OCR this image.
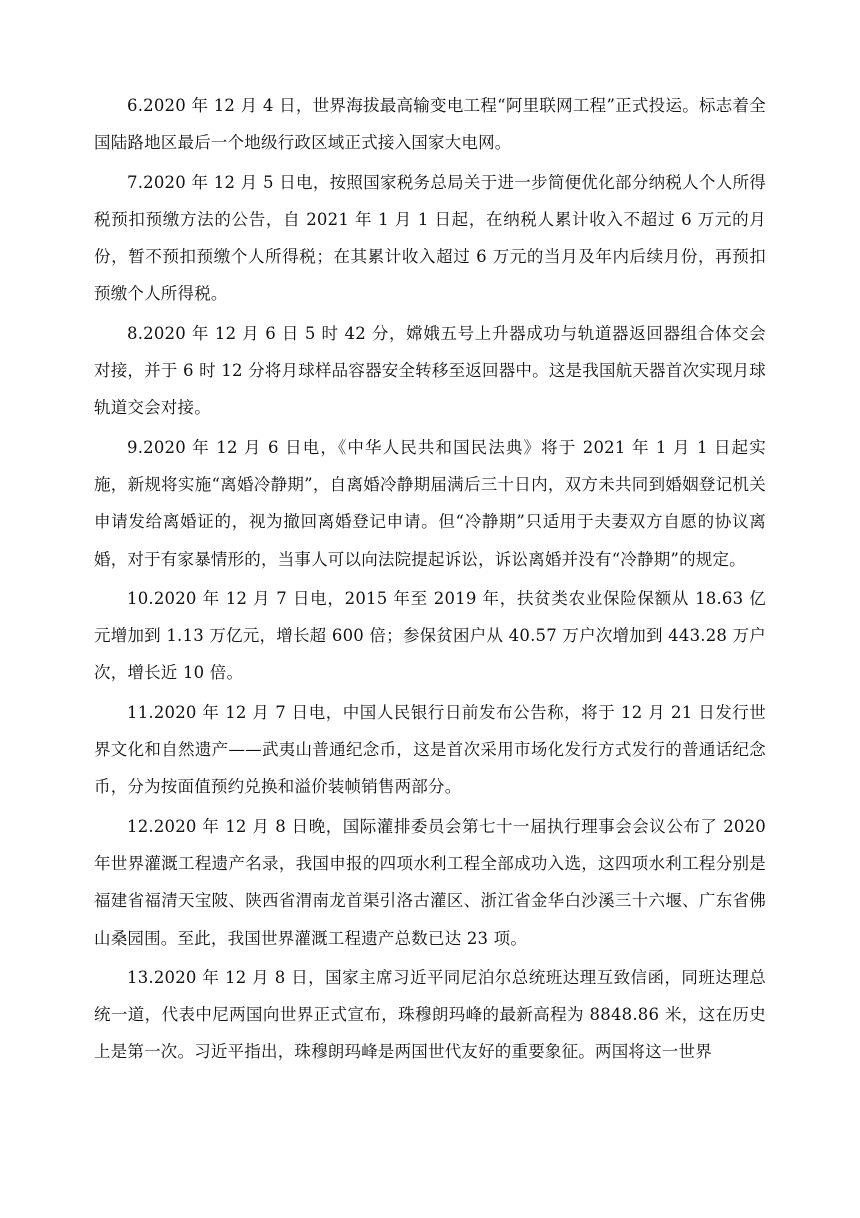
6.2020 年 12 月 4 日，世界海拔最高输变电工程“阿里联网工程”正式投运。标志着全国陆路地区最后一个地级行政区域正式接入国家大电网。

7.2020 年 12 月 5 日电，按照国家税务总局关于进一步简便优化部分纳税人个人所得税预扣预缴方法的公告，自 2021 年 1 月 1 日起，在纳税人累计收入不超过 6 万元的月份，暂不预扣预缴个人所得税；在其累计收入超过 6 万元的当月及年内后续月份，再预扣预缴个人所得税。

8.2020 年 12 月 6 日 5 时 42 分，嫦娥五号上升器成功与轨道器返回器组合体交会对接，并于 6 时 12 分将月球样品容器安全转移至返回器中。这是我国航天器首次实现月球轨道交会对接。

9.2020 年 12 月 6 日电，《中华人民共和国民法典》将于 2021 年 1 月 1 日起实施，新规将实施“离婚冷静期”，自离婚冷静期届满后三十日内，双方未共同到婚姻登记机关申请发给离婚证的，视为撤回离婚登记申请。但“冷静期”只适用于夫妻双方自愿的协议离婚，对于有家暴情形的，当事人可以向法院提起诉讼，诉讼离婚并没有“冷静期”的规定。

10.2020 年 12 月 7 日电，2015 年至 2019 年，扶贫类农业保险保额从 18.63 亿元增加到 1.13 万亿元，增长超 600 倍；参保贫困户从 40.57 万户次增加到 443.28 万户次，增长近 10 倍。

11.2020 年 12 月 7 日电，中国人民银行日前发布公告称，将于 12 月 21 日发行世界文化和自然遗产——武夷山普通纪念币，这是首次采用市场化发行方式发行的普通话纪念币，分为按面值预约兑换和溢价装帧销售两部分。

12.2020 年 12 月 8 日晚，国际灌排委员会第七十一届执行理事会会议公布了 2020 年世界灌溉工程遗产名录，我国申报的四项水利工程全部成功入选，这四项水利工程分别是福建省福清天宝陂、陕西省渭南龙首渠引洛古灌区、浙江省金华白沙溪三十六堰、广东省佛山桑园围。至此，我国世界灌溉工程遗产总数已达 23 项。

13.2020 年 12 月 8 日，国家主席习近平同尼泊尔总统班达理互致信函，同班达理总统一道，代表中尼两国向世界正式宣布，珠穆朗玛峰的最新高程为 8848.86 米，这在历史上是第一次。习近平指出，珠穆朗玛峰是两国世代友好的重要象征。两国将这一世界
